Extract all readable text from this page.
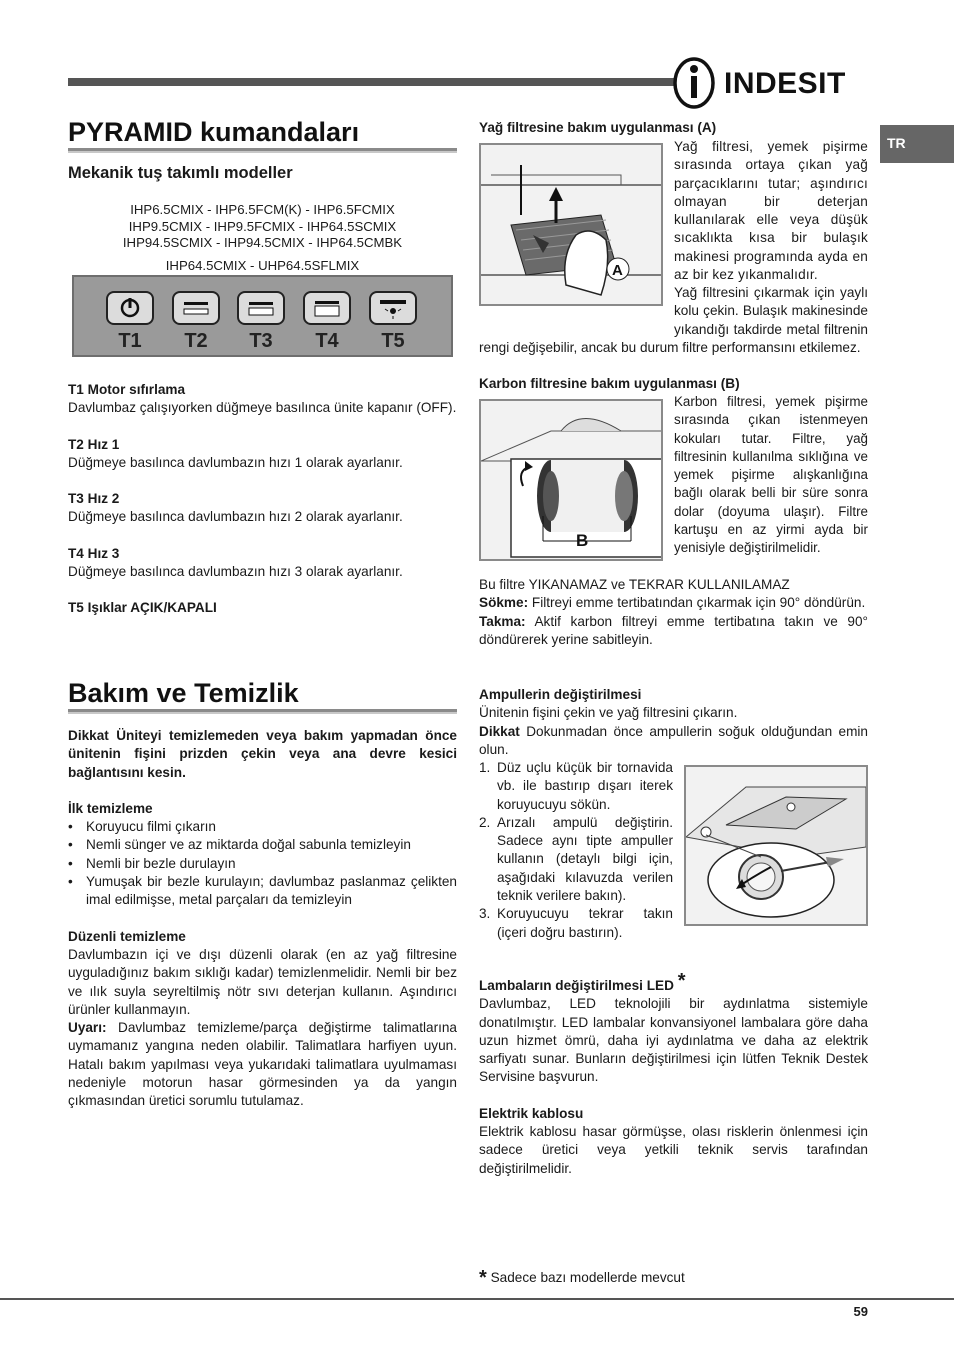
INDESIT
TR
PYRAMID kumandaları
Mekanik tuş takımlı modeller
IHP6.5CMIX - IHP6.5FCM(K) - IHP6.5FCMIX
IHP9.5CMIX - IHP9.5FCMIX - IHP64.5SCMIX
IHP94.5SCMIX - IHP94.5CMIX - IHP64.5CMBK
IHP64.5CMIX - UHP64.5SFLMIX
T1	T2	T3	T4	T5

T1 Motor sıfırlama

Davlumbaz çalışıyorken düğmeye basılınca ünite kapanır (OFF).

T2 Hız 1

Düğmeye basılınca davlumbazın hızı 1 olarak ayarlanır.

T3 Hız 2

Düğmeye basılınca davlumbazın hızı 2 olarak ayarlanır.

T4 Hız 3

Düğmeye basılınca davlumbazın hızı 3 olarak ayarlanır.

T5 Işıklar AÇIK/KAPALI

Bakım ve Temizlik

Dikkat Üniteyi temizlemeden veya bakım yapmadan önce ünitenin fişini prizden çekin veya ana devre kesici bağlantısını kesin.

İlk temizleme

• Koruyucu filmi çıkarın
• Nemli sünger ve az miktarda doğal sabunla temizleyin
• Nemli bir bezle durulayın
• Yumuşak bir bezle kurulayın; davlumbaz paslanmaz çelikten imal edilmişse, metal parçaları da temizleyin

Düzenli temizleme

Davlumbazın içi ve dışı düzenli olarak (en az yağ filtresine uyguladığınız bakım sıklığı kadar) temizlenmelidir. Nemli bir bez ve ılık suyla seyreltilmiş nötr sıvı deterjan kullanın. Aşındırıcı ürünler kullanmayın.

Uyarı: Davlumbaz temizleme/parça değiştirme talimatlarına uymamanız yangına neden olabilir. Talimatlara harfiyen uyun. Hatalı bakım yapılması veya yukarıdaki talimatlara uyulmaması nedeniyle motorun hasar görmesinden ya da yangın çıkmasından üretici sorumlu tutulamaz.

Yağ filtresine bakım uygulanması (A)
A
Yağ filtresi, yemek pişirme sırasında ortaya çıkan yağ parçacıklarını tutar; aşındırıcı olmayan bir deterjan kullanılarak elle veya düşük sıcaklıkta kısa bir bulaşık makinesi programında ayda en az bir kez yıkanmalıdır.
Yağ filtresini çıkarmak için yaylı kolu çekin. Bulaşık makinesinde yıkandığı takdirde metal filtrenin rengi değişebilir, ancak bu durum filtre performansını etkilemez.
Karbon filtresine bakım uygulanması (B)
B
Karbon filtresi, yemek pişirme sırasında çıkan istenmeyen kokuları tutar. Filtre, yağ filtresinin kullanılma sıklığına ve yemek pişirme alışkanlığına bağlı olarak belli bir süre sonra dolar (doyuma ulaşır). Filtre kartuşu en az yirmi ayda bir yenisiyle değiştirilmelidir.

Bu filtre YIKANAMAZ ve TEKRAR KULLANILAMAZ

Sökme: Filtreyi emme tertibatından çıkarmak için 90° döndürün.

Takma: Aktif karbon filtreyi emme tertibatına takın ve 90° döndürerek yerine sabitleyin.

Ampullerin değiştirilmesi

Ünitenin fişini çekin ve yağ filtresini çıkarın.

Dikkat Dokunmadan önce ampullerin soğuk olduğundan emin olun.

1. Düz uçlu küçük bir tornavida vb. ile bastırıp dışarı iterek koruyucuyu sökün.
2. Arızalı ampulü değiştirin. Sadece aynı tipte ampuller kullanın (detaylı bilgi için, aşağıdaki kılavuzda verilen teknik verilere bakın).
3. Koruyucuyu tekrar takın (içeri doğru bastırın).

Lambaların değiştirilmesi LED *

Davlumbaz, LED teknolojili bir aydınlatma sistemiyle donatılmıştır. LED lambalar konvansiyonel lambalara göre daha uzun hizmet ömrü, daha iyi aydınlatma ve daha az elektrik sarfiyatı sunar. Bunların değiştirilmesi için lütfen Teknik Destek Servisine başvurun.

Elektrik kablosu

Elektrik kablosu hasar görmüşse, olası risklerin önlenmesi için sadece üretici veya yetkili teknik servis tarafından değiştirilmelidir.

* Sadece bazı modellerde mevcut
59
